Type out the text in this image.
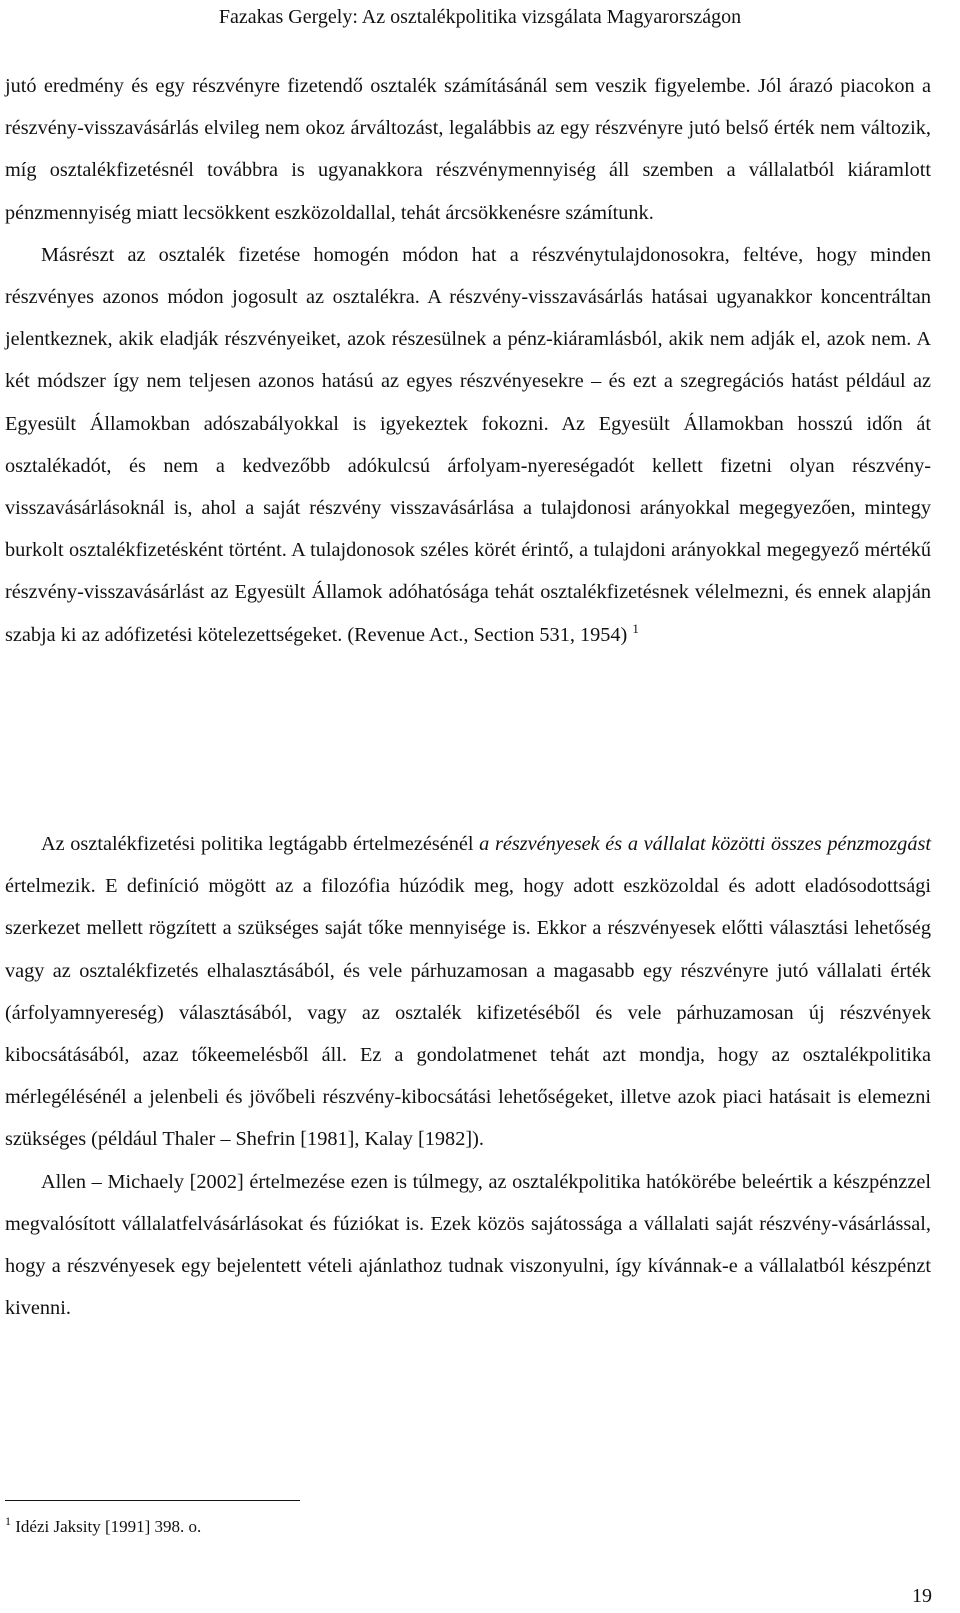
Fazakas Gergely: Az osztalékpolitika vizsgálata Magyarországon

jutó eredmény és egy részvényre fizetendő osztalék számításánál sem veszik figyelembe. Jól árazó piacokon a részvény-visszavásárlás elvileg nem okoz árváltozást, legalábbis az egy részvényre jutó belső érték nem változik, míg osztalékfizetésnél továbbra is ugyanakkora részvénymennyiség áll szemben a vállalatból kiáramlott pénzmennyiség miatt lecsökkent eszközoldallal, tehát árcsökkenésre számítunk.

Másrészt az osztalék fizetése homogén módon hat a részvénytulajdonosokra, feltéve, hogy minden részvényes azonos módon jogosult az osztalékra. A részvény-visszavásárlás hatásai ugyanakkor koncentráltan jelentkeznek, akik eladják részvényeiket, azok részesülnek a pénz-kiáramlásból, akik nem adják el, azok nem. A két módszer így nem teljesen azonos hatású az egyes részvényesekre – és ezt a szegregációs hatást például az Egyesült Államokban adószabályokkal is igyekeztek fokozni. Az Egyesült Államokban hosszú időn át osztalékadót, és nem a kedvezőbb adókulcsú árfolyam-nyereségadót kellett fizetni olyan részvény-visszavásárlásoknál is, ahol a saját részvény visszavásárlása a tulajdonosi arányokkal megegyezően, mintegy burkolt osztalékfizetésként történt. A tulajdonosok széles körét érintő, a tulajdoni arányokkal megegyező mértékű részvény-visszavásárlást az Egyesült Államok adóhatósága tehát osztalékfizetésnek vélelmezni, és ennek alapján szabja ki az adófizetési kötelezettségeket. (Revenue Act., Section 531, 1954) $^1$

Az osztalékfizetési politika legtágabb értelmezésénél a részvényesek és a vállalat közötti összes pénzmozgást értelmezik. E definíció mögött az a filozófia húzódik meg, hogy adott eszközoldal és adott eladósodottsági szerkezet mellett rögzített a szükséges saját tőke mennyisége is. Ekkor a részvényesek előtti választási lehetőség vagy az osztalékfizetés elhalasztásából, és vele párhuzamosan a magasabb egy részvényre jutó vállalati érték (árfolyamnyereség) választásából, vagy az osztalék kifizetéséből és vele párhuzamosan új részvények kibocsátásából, azaz tőkeemelésből áll. Ez a gondolatmenet tehát azt mondja, hogy az osztalékpolitika mérlegélésénél a jelenbeli és jövőbeli részvény-kibocsátási lehetőségeket, illetve azok piaci hatásait is elemezni szükséges (például Thaler – Shefrin [1981], Kalay [1982]).

Allen – Michaely [2002] értelmezése ezen is túlmegy, az osztalékpolitika hatókörébe beleértik a készpénzzel megvalósított vállalatfelvásárlásokat és fúziókat is. Ezek közös sajátossága a vállalati saját részvény-vásárlással, hogy a részvényesek egy bejelentett vételi ajánlathoz tudnak viszonyulni, így kívánnak-e a vállalatból készpénzt kivenni.

$^1$ Idézi Jaksity [1991] 398. o.
19
